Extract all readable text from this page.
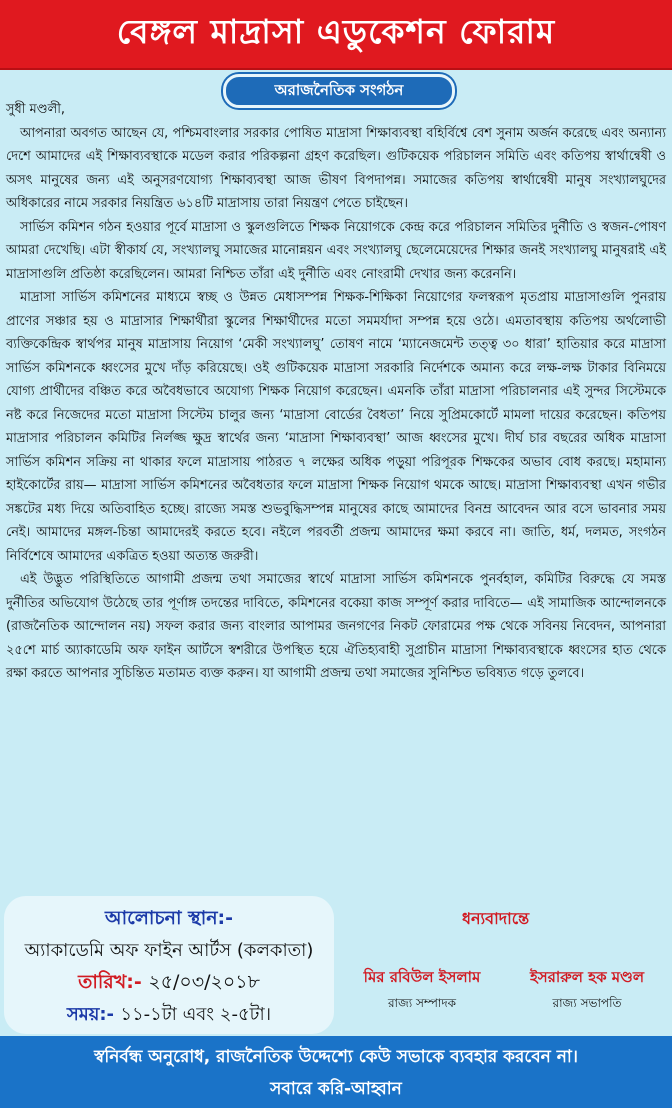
বেঙ্গল মাদ্রাসা এডুকেশন ফোরাম
অরাজনৈতিক সংগঠন

সুধী মণ্ডলী,

আপনারা অবগত আছেন যে, পশ্চিমবাংলার সরকার পোষিত মাদ্রাসা শিক্ষাব্যবস্থা বহির্বিশ্বে বেশ সুনাম অর্জন করেছে এবং অন্যান্য দেশে আমাদের এই শিক্ষাব্যবস্থাকে মডেল করার পরিকল্পনা গ্রহণ করেছিল। গুটিকয়েক পরিচালন সমিতি এবং কতিপয় স্বার্থান্বেষী ও অসৎ মানুষের জন্য এই অনুসরণযোগ্য শিক্ষাব্যবস্থা আজ ভীষণ বিপদাপন্ন। সমাজের কতিপয় স্বার্থান্বেষী মানুষ সংখ্যালঘুদের অধিকারের নামে সরকার নিয়ন্ত্রিত ৬১৪টি মাদ্রাসায় তারা নিয়ন্ত্রণ পেতে চাইছেন।

সার্ভিস কমিশন গঠন হওয়ার পূর্বে মাদ্রাসা ও স্কুলগুলিতে শিক্ষক নিয়োগকে কেন্দ্র করে পরিচালন সমিতির দুর্নীতি ও স্বজন-পোষণ আমরা দেখেছি। এটা স্বীকার্য যে, সংখ্যালঘু সমাজের মানোন্নয়ন এবং সংখ্যালঘু ছেলেমেয়েদের শিক্ষার জনই সংখ্যালঘু মানুষরাই এই মাদ্রাসাগুলি প্রতিষ্ঠা করেছিলেন। আমরা নিশ্চিত তাঁরা এই দুর্নীতি এবং নোংরামী দেখার জন্য করেননি।

মাদ্রাসা সার্ভিস কমিশনের মাধ্যমে স্বচ্ছ ও উন্নত মেধাসম্পন্ন শিক্ষক-শিক্ষিকা নিয়োগের ফলস্বরূপ মৃতপ্রায় মাদ্রাসাগুলি পুনরায় প্রাণের সঞ্চার হয় ও মাদ্রাসার শিক্ষার্থীরা স্কুলের শিক্ষার্থীদের মতো সমমর্যাদা সম্পন্ন হয়ে ওঠে। এমতাবস্থায় কতিপয় অর্থলোভী ব্যক্তিকেন্দ্রিক স্বার্থপর মানুষ মাদ্রাসায় নিয়োগ ‘মেকী সংখ্যালঘু’ তোষণ নামে ‘ম্যানেজমেন্ট তত্ত্ব ৩০ ধারা’ হাতিয়ার করে মাদ্রাসা সার্ভিস কমিশনকে ধ্বংসের মুখে দাঁড় করিয়েছে। ওই গুটিকয়েক মাদ্রাসা সরকারি নির্দেশকে অমান্য করে লক্ষ-লক্ষ টাকার বিনিময়ে যোগ্য প্রার্থীদের বঞ্চিত করে অবৈধভাবে অযোগ্য শিক্ষক নিয়োগ করেছেন। এমনকি তাঁরা মাদ্রাসা পরিচালনার এই সুন্দর সিস্টেমকে নষ্ট করে নিজেদের মতো মাদ্রাসা সিস্টেম চালুর জন্য ‘মাদ্রাসা বোর্ডের বৈধতা’ নিয়ে সুপ্রিমকোর্টে মামলা দায়ের করেছেন। কতিপয় মাদ্রাসার পরিচালন কমিটির নির্লজ্জ ক্ষুদ্র স্বার্থের জন্য ‘মাদ্রাসা শিক্ষাব্যবস্থা’ আজ ধ্বংসের মুখে। দীর্ঘ চার বছরের অধিক মাদ্রাসা সার্ভিস কমিশন সক্রিয় না থাকার ফলে মাদ্রাসায় পাঠরত ৭ লক্ষের অধিক পড়ুয়া পরিপূরক শিক্ষকের অভাব বোধ করছে। মহামান্য হাইকোর্টের রায়— মাদ্রাসা সার্ভিস কমিশনের অবৈধতার ফলে মাদ্রাসা শিক্ষক নিয়োগ থমকে আছে। মাদ্রাসা শিক্ষাব্যবস্থা এখন গভীর সঙ্কটের মধ্য দিয়ে অতিবাহিত হচ্ছে। রাজ্যে সমস্ত শুভবুদ্ধিসম্পন্ন মানুষের কাছে আমাদের বিনম্র আবেদন আর বসে ভাবনার সময় নেই। আমাদের মঙ্গল-চিন্তা আমাদেরই করতে হবে। নইলে পরবর্তী প্রজন্ম আমাদের ক্ষমা করবে না। জাতি, ধর্ম, দলমত, সংগঠন নির্বিশেষে আমাদের একত্রিত হওয়া অত্যন্ত জরুরী।

এই উদ্ভুত পরিস্থিতিতে আগামী প্রজন্ম তথা সমাজের স্বার্থে মাদ্রাসা সার্ভিস কমিশনকে পুনর্বহাল, কমিটির বিরুদ্ধে যে সমস্ত দুর্নীতির অভিযোগ উঠেছে তার পূর্ণাঙ্গ তদন্তের দাবিতে, কমিশনের বকেয়া কাজ সম্পূর্ণ করার দাবিতে— এই সামাজিক আন্দোলনকে (রাজনৈতিক আন্দোলন নয়) সফল করার জন্য বাংলার আপামর জনগণের নিকট ফোরামের পক্ষ থেকে সবিনয় নিবেদন, আপনারা ২৫শে মার্চ অ্যাকাডেমি অফ ফাইন আর্টসে স্বশরীরে উপস্থিত হয়ে ঐতিহ্যবাহী সুপ্রাচীন মাদ্রাসা শিক্ষাব্যবস্থাকে ধ্বংসের হাত থেকে রক্ষা করতে আপনার সুচিন্তিত মতামত ব্যক্ত করুন। যা আগামী প্রজন্ম তথা সমাজের সুনিশ্চিত ভবিষ্যত গড়ে তুলবে।

আলোচনা স্থান:-
অ্যাকাডেমি অফ ফাইন আর্টস (কলকাতা)
তারিখ:- ২৫/০৩/২০১৮
সময়:- ১১-১টা এবং ২-৫টা।
ধন্যবাদান্তে
মির রবিউল ইসলাম
রাজ্য সম্পাদক
ইসরারুল হক মণ্ডল
রাজ্য সভাপতি
স্বনির্বন্ধ অনুরোধ, রাজনৈতিক উদ্দেশ্যে কেউ সভাকে ব্যবহার করবেন না।
সবারে করি-আহ্বান
